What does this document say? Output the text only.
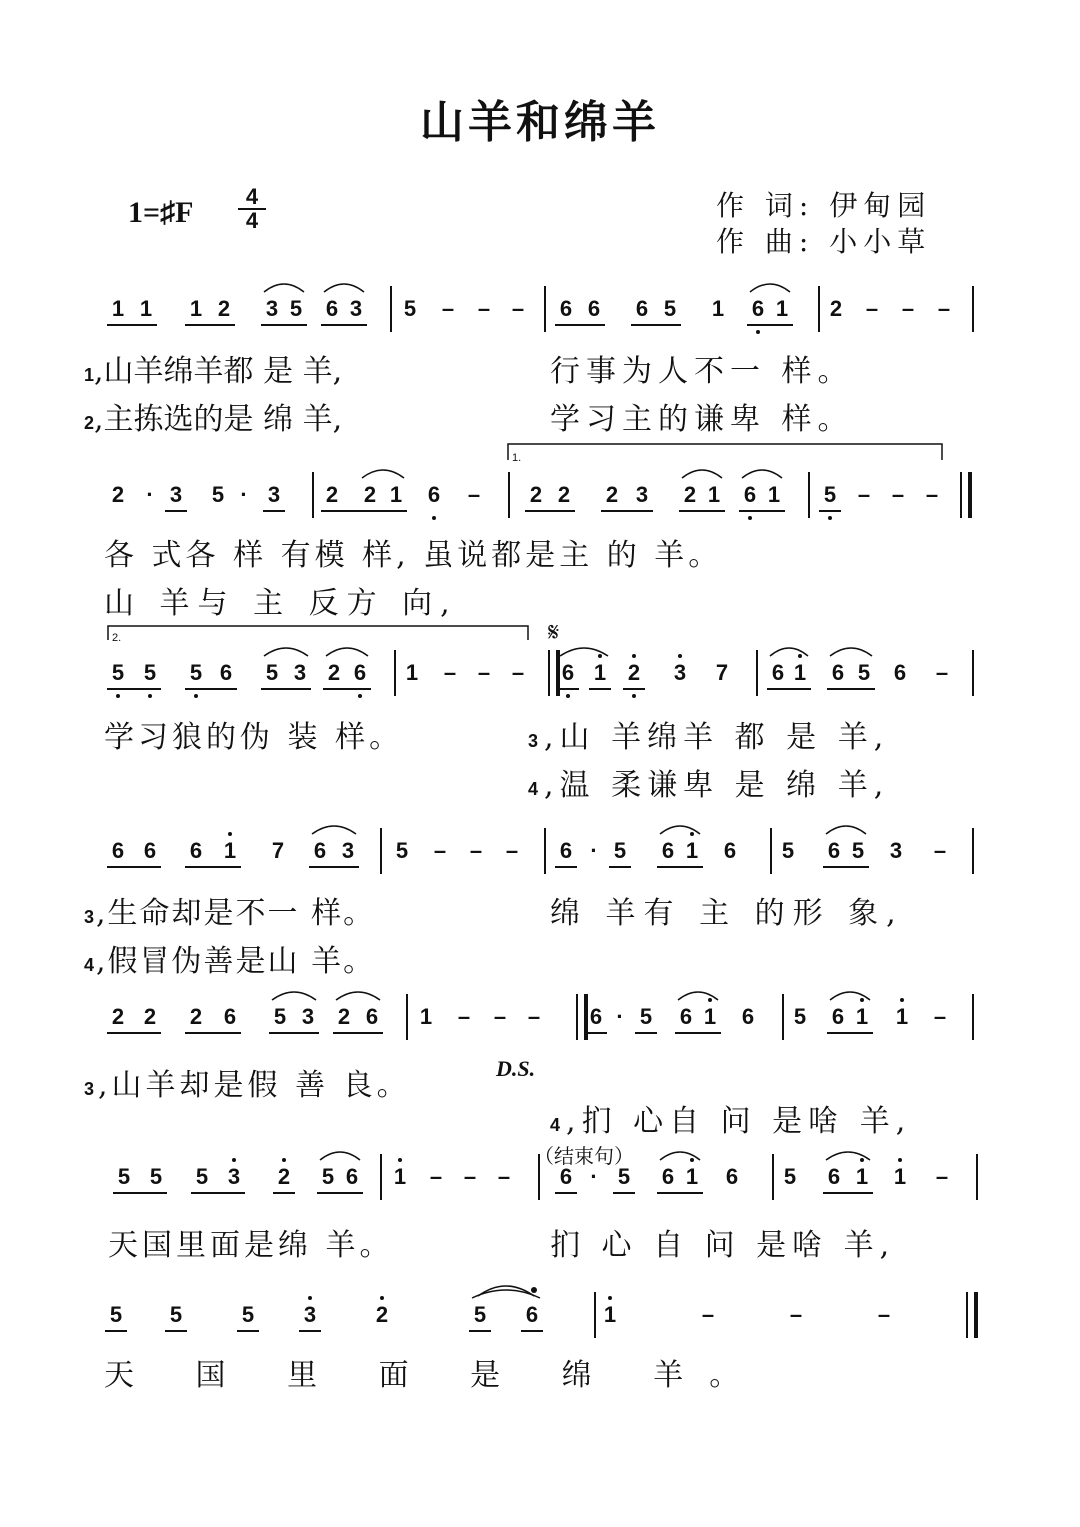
山羊和绵羊
1=♯F	4
4	作 词: 伊甸园
作 曲: 小小草
1 1 1 2 3 5 6 3 5 – – – 6 6 6 5 1 6 1 2 – – –
2	· 3 5 · 3 2 2 1 6 – 2 2 2 3 2 1 6 1 5 – – –
5 5 5 6 5 3 2 6 1 – – – 6 1 2 3 7 6 1 6 5 6 –
6 6 6 1 7 6 3 5 – – – 6 · 5 6 1 6 5 6 5 3 –
2 2 2 6 5 3 2 6 1 – – – 6 · 5 6 1 6 5 6 1 1 –
5 5 5 3 2 5 6 1 – – – 6 · 5 6 1 6 5 6 1 1 –
5 5	5 3	2	5 6	1	–	–	–
1,山羊绵羊都 是 羊,	行事为人不一 样。
2,主拣选的是 绵 羊,	学习主的谦卑 样。
各 式各 样 有模 样, 虽说都是主 的 羊。
山 羊与 主 反方 向,
学习狼的伪 装 样。	3,山 羊绵羊 都 是 羊,
4,温 柔谦卑 是 绵 羊,
3,生命却是不一 样。	绵 羊有 主 的形 象,
4,假冒伪善是山 羊。
3,山羊却是假 善 良。
4,扪 心自 问 是啥 羊,
天国里面是绵 羊。	扪 心 自 问 是啥 羊,
天 国 里 面 是 绵 羊。
1.
2.	𝄋
D.S.
（结束句）
